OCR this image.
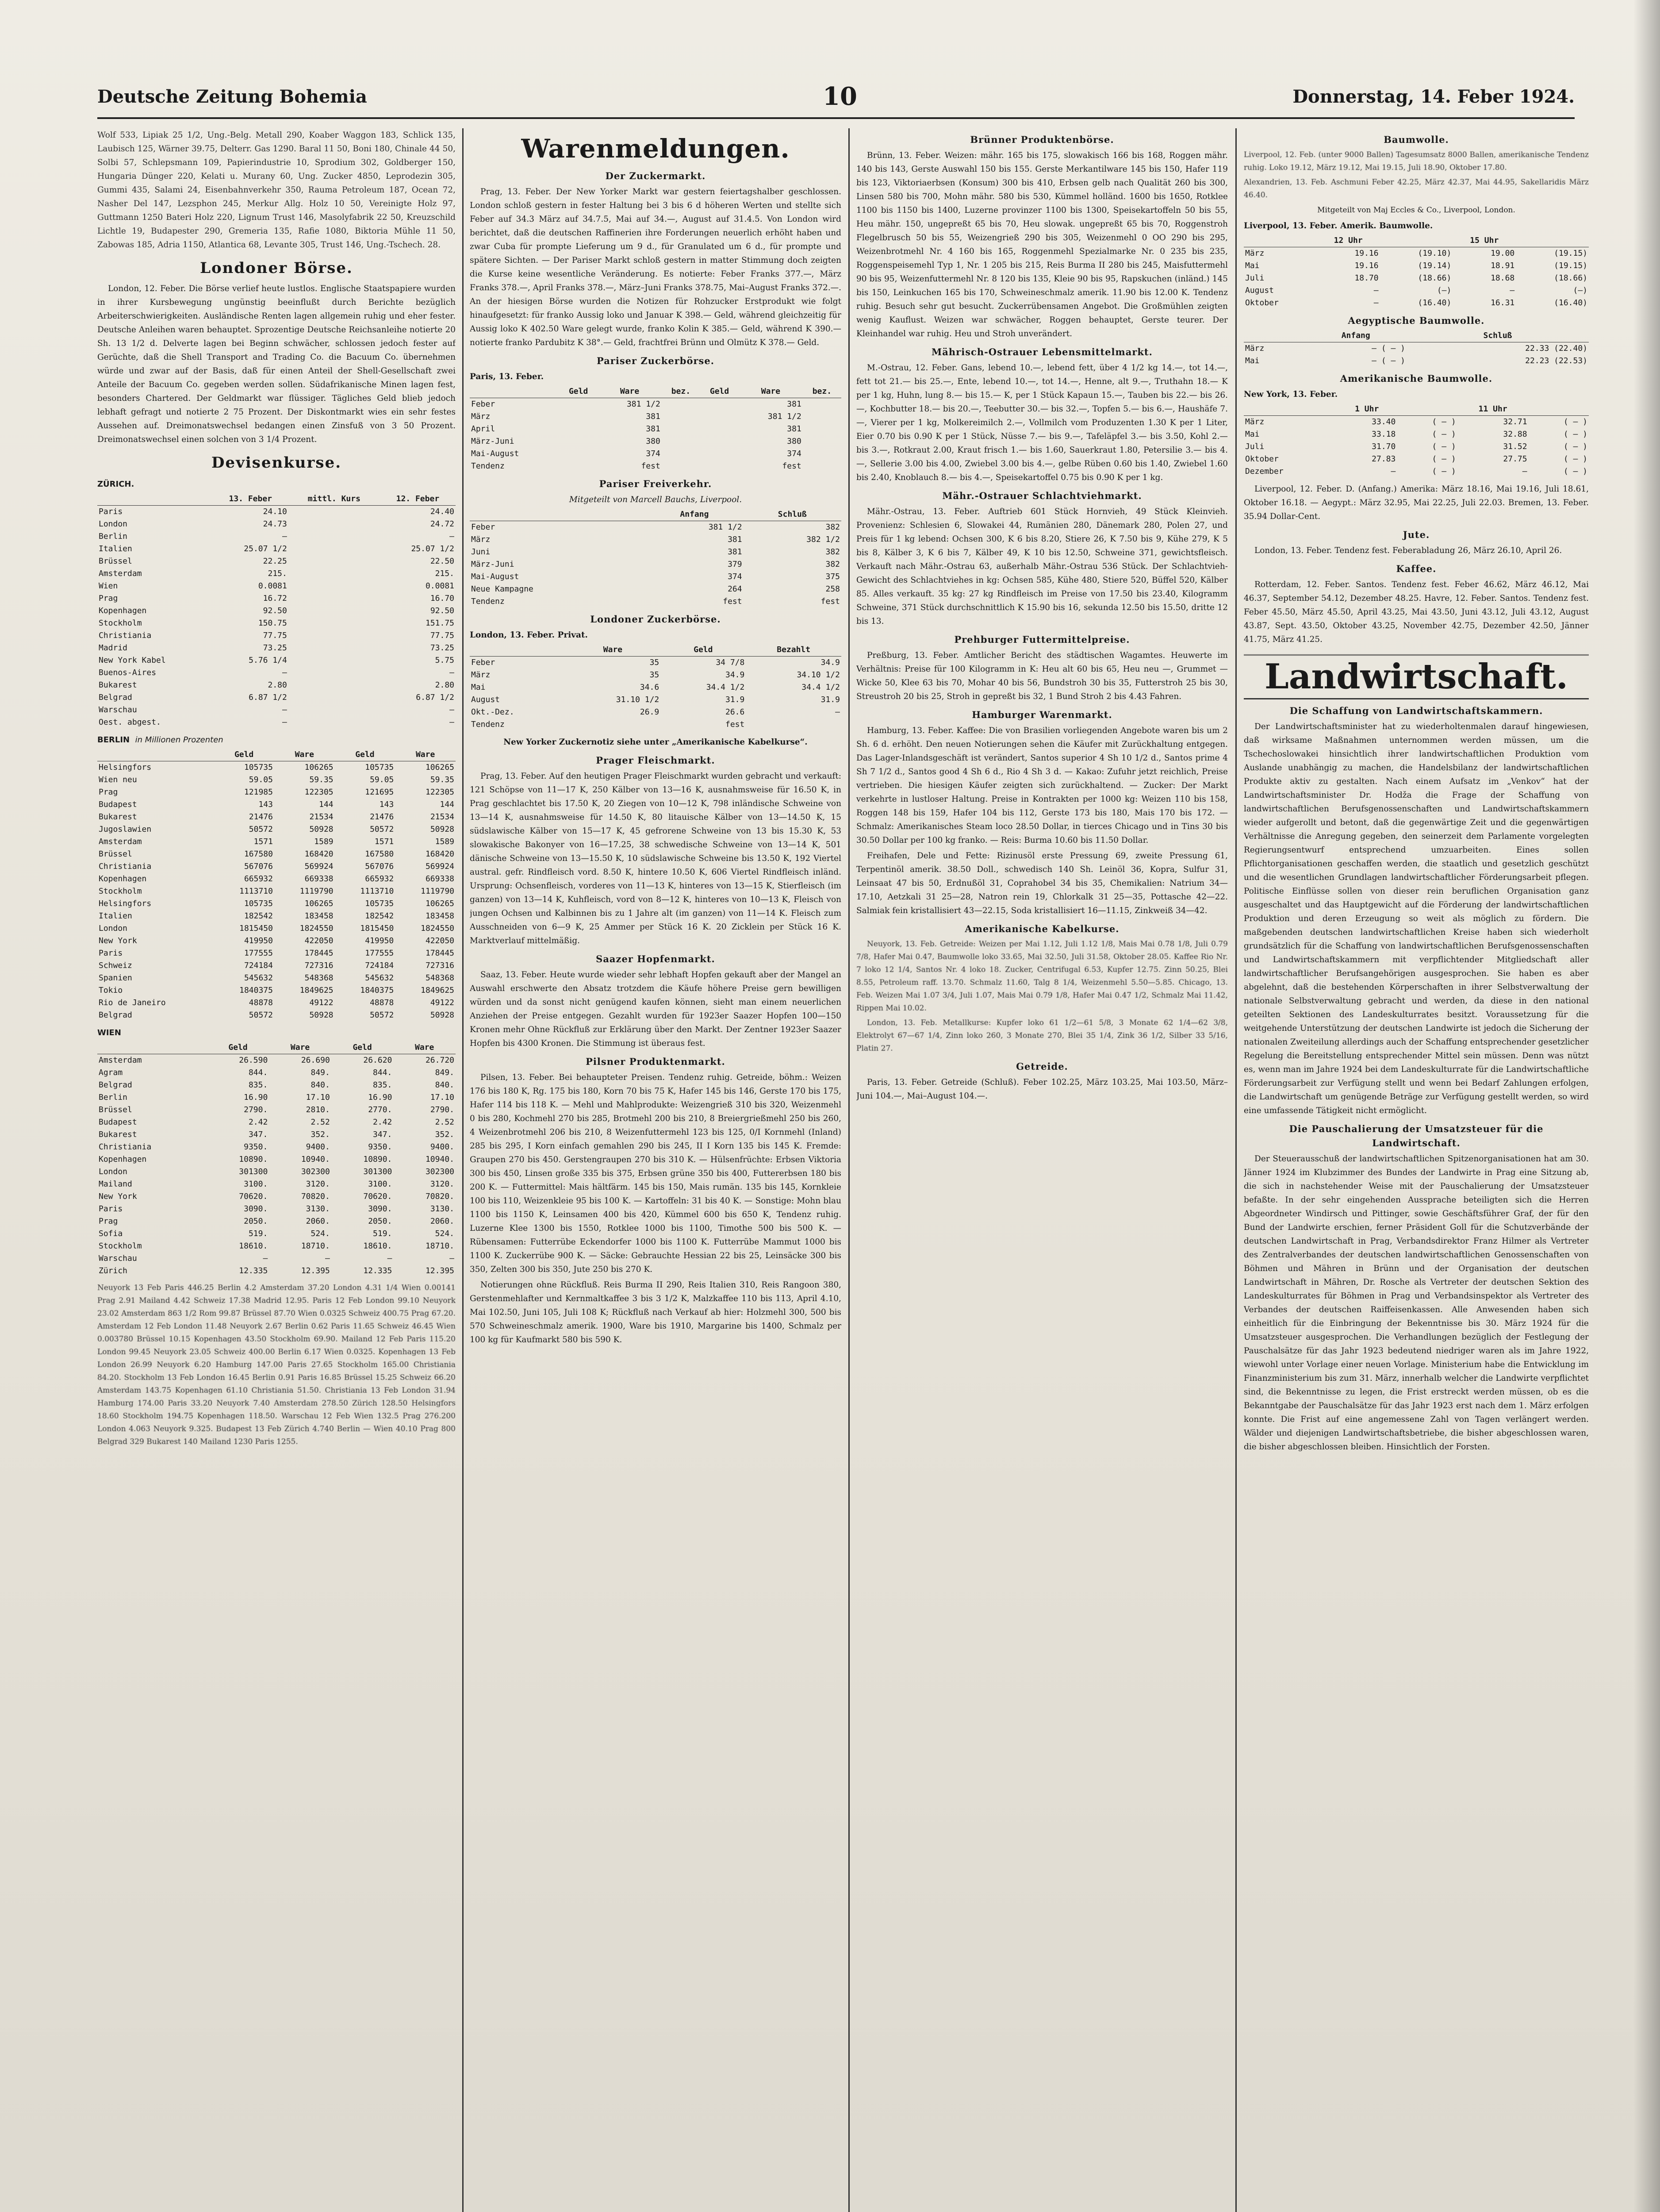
Deutsche Zeitung Bohemia	10	Donnerstag, 14. Feber 1924.

Wolf 533, Lipiak 25 1/2, Ung.-Belg. Metall 290, Koaber Waggon 183, Schlick 135, Laubisch 125, Wärner 39.75, Delterr. Gas 1290. Baral 11 50, Boni 180, Chinale 44 50, Solbi 57, Schlepsmann 109, Papierindustrie 10, Sprodium 302, Goldberger 150, Hungaria Dünger 220, Kelati u. Murany 60, Ung. Zucker 4850, Leprodezin 305, Gummi 435, Salami 24, Eisenbahnverkehr 350, Rauma Petroleum 187, Ocean 72, Nasher Del 147, Lezsphon 245, Merkur Allg. Holz 10 50, Vereinigte Holz 97, Guttmann 1250 Bateri Holz 220, Lignum Trust 146, Masolyfabrik 22 50, Kreuzschild Lichtle 19, Budapester 290, Gremeria 135, Rafie 1080, Biktoria Mühle 11 50, Zabowas 185, Adria 1150, Atlantica 68, Levante 305, Trust 146, Ung.-Tschech. 28.

Londoner Börse.

London, 12. Feber. Die Börse verlief heute lustlos. Englische Staatspapiere wurden in ihrer Kursbewegung ungünstig beeinflußt durch Berichte bezüglich Arbeiterschwierigkeiten. Ausländische Renten lagen allgemein ruhig und eher fester. Deutsche Anleihen waren behauptet. Sprozentige Deutsche Reichsanleihe notierte 20 Sh. 13 1/2 d. Delverte lagen bei Beginn schwächer, schlossen jedoch fester auf Gerüchte, daß die Shell Transport and Trading Co. die Bacuum Co. übernehmen würde und zwar auf der Basis, daß für einen Anteil der Shell-Gesellschaft zwei Anteile der Bacuum Co. gegeben werden sollen. Südafrikanische Minen lagen fest, besonders Chartered. Der Geldmarkt war flüssiger. Tägliches Geld blieb jedoch lebhaft gefragt und notierte 2 75 Prozent. Der Diskontmarkt wies ein sehr festes Aussehen auf. Dreimonatswechsel bedangen einen Zinsfuß von 3 50 Prozent. Dreimonatswechsel einen solchen von 3 1/4 Prozent.

Devisenkurse.
ZÜRICH.
	13. Feber	mittl. Kurs	12. Feber
Paris	24.10		24.40
London	24.73		24.72
Berlin	—		—
Italien	25.07 1/2		25.07 1/2
Brüssel	22.25		22.50
Amsterdam	215.		215.
Wien	0.0081		0.0081
Prag	16.72		16.70
Kopenhagen	92.50		92.50
Stockholm	150.75		151.75
Christiania	77.75		77.75
Madrid	73.25		73.25
New York Kabel	5.76 1/4		5.75
Buenos-Aires	—		—
Bukarest	2.80		2.80
Belgrad	6.87 1/2		6.87 1/2
Warschau	—		—
Oest. abgest.	—		—
BERLIN in Millionen Prozenten
	Geld	Ware	Geld	Ware
Helsingfors	105735	106265	105735	106265
Wien neu	59.05	59.35	59.05	59.35
Prag	121985	122305	121695	122305
Budapest	143	144	143	144
Bukarest	21476	21534	21476	21534
Jugoslawien	50572	50928	50572	50928
Amsterdam	1571	1589	1571	1589
Brüssel	167580	168420	167580	168420
Christiania	567076	569924	567076	569924
Kopenhagen	665932	669338	665932	669338
Stockholm	1113710	1119790	1113710	1119790
Helsingfors	105735	106265	105735	106265
Italien	182542	183458	182542	183458
London	1815450	1824550	1815450	1824550
New York	419950	422050	419950	422050
Paris	177555	178445	177555	178445
Schweiz	724184	727316	724184	727316
Spanien	545632	548368	545632	548368
Tokio	1840375	1849625	1840375	1849625
Rio de Janeiro	48878	49122	48878	49122
Belgrad	50572	50928	50572	50928
WIEN
	Geld	Ware	Geld	Ware
Amsterdam	26.590	26.690	26.620	26.720
Agram	844.	849.	844.	849.
Belgrad	835.	840.	835.	840.
Berlin	16.90	17.10	16.90	17.10
Brüssel	2790.	2810.	2770.	2790.
Budapest	2.42	2.52	2.42	2.52
Bukarest	347.	352.	347.	352.
Christiania	9350.	9400.	9350.	9400.
Kopenhagen	10890.	10940.	10890.	10940.
London	301300	302300	301300	302300
Mailand	3100.	3120.	3100.	3120.
New York	70620.	70820.	70620.	70820.
Paris	3090.	3130.	3090.	3130.
Prag	2050.	2060.	2050.	2060.
Sofia	519.	524.	519.	524.
Stockholm	18610.	18710.	18610.	18710.
Warschau	—	—	—	—
Zürich	12.335	12.395	12.335	12.395

Neuyork 13 Feb Paris 446.25 Berlin 4.2 Amsterdam 37.20 London 4.31 1/4 Wien 0.00141 Prag 2.91 Mailand 4.42 Schweiz 17.38 Madrid 12.95. Paris 12 Feb London 99.10 Neuyork 23.02 Amsterdam 863 1/2 Rom 99.87 Brüssel 87.70 Wien 0.0325 Schweiz 400.75 Prag 67.20. Amsterdam 12 Feb London 11.48 Neuyork 2.67 Berlin 0.62 Paris 11.65 Schweiz 46.45 Wien 0.003780 Brüssel 10.15 Kopenhagen 43.50 Stockholm 69.90. Mailand 12 Feb Paris 115.20 London 99.45 Neuyork 23.05 Schweiz 400.00 Berlin 6.17 Wien 0.0325. Kopenhagen 13 Feb London 26.99 Neuyork 6.20 Hamburg 147.00 Paris 27.65 Stockholm 165.00 Christiania 84.20. Stockholm 13 Feb London 16.45 Berlin 0.91 Paris 16.85 Brüssel 15.25 Schweiz 66.20 Amsterdam 143.75 Kopenhagen 61.10 Christiania 51.50. Christiania 13 Feb London 31.94 Hamburg 174.00 Paris 33.20 Neuyork 7.40 Amsterdam 278.50 Zürich 128.50 Helsingfors 18.60 Stockholm 194.75 Kopenhagen 118.50. Warschau 12 Feb Wien 132.5 Prag 276.200 London 4.063 Neuyork 9.325. Budapest 13 Feb Zürich 4.740 Berlin — Wien 40.10 Prag 800 Belgrad 329 Bukarest 140 Mailand 1230 Paris 1255.

Warenmeldungen.
Der Zuckermarkt.

Prag, 13. Feber. Der New Yorker Markt war gestern feiertagshalber geschlossen. London schloß gestern in fester Haltung bei 3 bis 6 d höheren Werten und stellte sich Feber auf 34.3 März auf 34.7.5, Mai auf 34.—, August auf 31.4.5. Von London wird berichtet, daß die deutschen Raffinerien ihre Forderungen neuerlich erhöht haben und zwar Cuba für prompte Lieferung um 9 d., für Granulated um 6 d., für prompte und spätere Sichten. — Der Pariser Markt schloß gestern in matter Stimmung doch zeigten die Kurse keine wesentliche Veränderung. Es notierte: Feber Franks 377.—, März Franks 378.—, April Franks 378.—, März–Juni Franks 378.75, Mai–August Franks 372.—. An der hiesigen Börse wurden die Notizen für Rohzucker Erstprodukt wie folgt hinaufgesetzt: für franko Aussig loko und Januar K 398.— Geld, während gleichzeitig für Aussig loko K 402.50 Ware gelegt wurde, franko Kolin K 385.— Geld, während K 390.— notierte franko Pardubitz K 38°.— Geld, frachtfrei Brünn und Olmütz K 378.— Geld.

Pariser Zuckerbörse.
Paris, 13. Feber.
	Geld	Ware	bez.	Geld	Ware	bez.
Feber		381 1/2			381	
März		381			381 1/2	
April		381			381	
März-Juni		380			380	
Mai-August		374			374	
Tendenz		fest			fest	
Pariser Freiverkehr.
Mitgeteilt von Marcell Bauchs, Liverpool.
	Anfang	Schluß
Feber	381 1/2	382
März	381	382 1/2
Juni	381	382
März-Juni	379	382
Mai-August	374	375
Neue Kampagne	264	258
Tendenz	fest	fest
Londoner Zuckerbörse.
London, 13. Feber. Privat.
	Ware	Geld	Bezahlt
Feber	35	34 7/8	34.9
März	35	34.9	34.10 1/2
Mai	34.6	34.4 1/2	34.4 1/2
August	31.10 1/2	31.9	31.9
Okt.-Dez.	26.9	26.6	—
Tendenz		fest	

New Yorker Zuckernotiz siehe unter „Amerikanische Kabelkurse“.

Prager Fleischmarkt.

Prag, 13. Feber. Auf den heutigen Prager Fleischmarkt wurden gebracht und verkauft: 121 Schöpse von 11—17 K, 250 Kälber von 13—16 K, ausnahmsweise für 16.50 K, in Prag geschlachtet bis 17.50 K, 20 Ziegen von 10—12 K, 798 inländische Schweine von 13—14 K, ausnahmsweise für 14.50 K, 80 litauische Kälber von 13—14.50 K, 15 südslawische Kälber von 15—17 K, 45 gefrorene Schweine von 13 bis 15.30 K, 53 slowakische Bakonyer von 16—17.25, 38 schwedische Schweine von 13—14 K, 501 dänische Schweine von 13—15.50 K, 10 südslawische Schweine bis 13.50 K, 192 Viertel austral. gefr. Rindfleisch vord. 8.50 K, hintere 10.50 K, 606 Viertel Rindfleisch inländ. Ursprung: Ochsenfleisch, vorderes von 11—13 K, hinteres von 13—15 K, Stierfleisch (im ganzen) von 13—14 K, Kuhfleisch, vord von 8—12 K, hinteres von 10—13 K, Fleisch von jungen Ochsen und Kalbinnen bis zu 1 Jahre alt (im ganzen) von 11—14 K. Fleisch zum Ausschneiden von 6—9 K, 25 Ammer per Stück 16 K. 20 Zicklein per Stück 16 K. Marktverlauf mittelmäßig.

Saazer Hopfenmarkt.

Saaz, 13. Feber. Heute wurde wieder sehr lebhaft Hopfen gekauft aber der Mangel an Auswahl erschwerte den Absatz trotzdem die Käufe höhere Preise gern bewilligen würden und da sonst nicht genügend kaufen können, sieht man einem neuerlichen Anziehen der Preise entgegen. Gezahlt wurden für 1923er Saazer Hopfen 100—150 Kronen mehr Ohne Rückfluß zur Erklärung über den Markt. Der Zentner 1923er Saazer Hopfen bis 4300 Kronen. Die Stimmung ist überaus fest.

Pilsner Produktenmarkt.

Pilsen, 13. Feber. Bei behaupteter Preisen. Tendenz ruhig. Getreide, böhm.: Weizen 176 bis 180 K, Rg. 175 bis 180, Korn 70 bis 75 K, Hafer 145 bis 146, Gerste 170 bis 175, Hafer 114 bis 118 K. — Mehl und Mahlprodukte: Weizengrieß 310 bis 320, Weizenmehl 0 bis 280, Kochmehl 270 bis 285, Brotmehl 200 bis 210, 8 Breiergrießmehl 250 bis 260, 4 Weizenbrotmehl 206 bis 210, 8 Weizenfuttermehl 123 bis 125, 0/I Kornmehl (Inland) 285 bis 295, I Korn einfach gemahlen 290 bis 245, II I Korn 135 bis 145 K. Fremde: Graupen 270 bis 450. Gerstengraupen 270 bis 310 K. — Hülsenfrüchte: Erbsen Viktoria 300 bis 450, Linsen große 335 bis 375, Erbsen grüne 350 bis 400, Futtererbsen 180 bis 200 K. — Futtermittel: Mais hältfärm. 145 bis 150, Mais rumän. 135 bis 145, Kornkleie 100 bis 110, Weizenkleie 95 bis 100 K. — Kartoffeln: 31 bis 40 K. — Sonstige: Mohn blau 1100 bis 1150 K, Leinsamen 400 bis 420, Kümmel 600 bis 650 K, Tendenz ruhig. Luzerne Klee 1300 bis 1550, Rotklee 1000 bis 1100, Timothe 500 bis 500 K. — Rübensamen: Futterrübe Eckendorfer 1000 bis 1100 K. Futterrübe Mammut 1000 bis 1100 K. Zuckerrübe 900 K. — Säcke: Gebrauchte Hessian 22 bis 25, Leinsäcke 300 bis 350, Zelten 300 bis 350, Jute 250 bis 270 K.

Notierungen ohne Rückfluß. Reis Burma II 290, Reis Italien 310, Reis Rangoon 380, Gerstenmehlafter und Kernmaltkaffee 3 bis 3 1/2 K, Malzkaffee 110 bis 113, April 4.10, Mai 102.50, Juni 105, Juli 108 K; Rückfluß nach Verkauf ab hier: Holzmehl 300, 500 bis 570 Schweineschmalz amerik. 1900, Ware bis 1910, Margarine bis 1400, Schmalz per 100 kg für Kaufmarkt 580 bis 590 K.

Brünner Produktenbörse.

Brünn, 13. Feber. Weizen: mähr. 165 bis 175, slowakisch 166 bis 168, Roggen mähr. 140 bis 143, Gerste Auswahl 150 bis 155. Gerste Merkantilware 145 bis 150, Hafer 119 bis 123, Viktoriaerbsen (Konsum) 300 bis 410, Erbsen gelb nach Qualität 260 bis 300, Linsen 580 bis 700, Mohn mähr. 580 bis 530, Kümmel holländ. 1600 bis 1650, Rotklee 1100 bis 1150 bis 1400, Luzerne provinzer 1100 bis 1300, Speisekartoffeln 50 bis 55, Heu mähr. 150, ungepreßt 65 bis 70, Heu slowak. ungepreßt 65 bis 70, Roggenstroh Flegelbrusch 50 bis 55, Weizengrieß 290 bis 305, Weizenmehl 0 OO 290 bis 295, Weizenbrotmehl Nr. 4 160 bis 165, Roggenmehl Spezialmarke Nr. 0 235 bis 235, Roggenspeisemehl Typ 1, Nr. 1 205 bis 215, Reis Burma II 280 bis 245, Maisfuttermehl 90 bis 95, Weizenfuttermehl Nr. 8 120 bis 135, Kleie 90 bis 95, Rapskuchen (inländ.) 145 bis 150, Leinkuchen 165 bis 170, Schweineschmalz amerik. 11.90 bis 12.00 K. Tendenz ruhig. Besuch sehr gut besucht. Zuckerrübensamen Angebot. Die Großmühlen zeigten wenig Kauflust. Weizen war schwächer, Roggen behauptet, Gerste teurer. Der Kleinhandel war ruhig. Heu und Stroh unverändert.

Mährisch-Ostrauer Lebensmittelmarkt.

M.-Ostrau, 12. Feber. Gans, lebend 10.—, lebend fett, über 4 1/2 kg 14.—, tot 14.—, fett tot 21.— bis 25.—, Ente, lebend 10.—, tot 14.—, Henne, alt 9.—, Truthahn 18.— K per 1 kg, Huhn, lung 8.— bis 15.— K, per 1 Stück Kapaun 15.—, Tauben bis 22.— bis 26.—, Kochbutter 18.— bis 20.—, Teebutter 30.— bis 32.—, Topfen 5.— bis 6.—, Haushäfe 7.—, Vierer per 1 kg, Molkereimilch 2.—, Vollmilch vom Produzenten 1.30 K per 1 Liter, Eier 0.70 bis 0.90 K per 1 Stück, Nüsse 7.— bis 9.—, Tafeläpfel 3.— bis 3.50, Kohl 2.— bis 3.—, Rotkraut 2.00, Kraut frisch 1.— bis 1.60, Sauerkraut 1.80, Petersilie 3.— bis 4.—, Sellerie 3.00 bis 4.00, Zwiebel 3.00 bis 4.—, gelbe Rüben 0.60 bis 1.40, Zwiebel 1.60 bis 2.40, Knoblauch 8.— bis 4.—, Speisekartoffel 0.75 bis 0.90 K per 1 kg.

Mähr.-Ostrauer Schlachtviehmarkt.

Mähr.-Ostrau, 13. Feber. Auftrieb 601 Stück Hornvieh, 49 Stück Kleinvieh. Provenienz: Schlesien 6, Slowakei 44, Rumänien 280, Dänemark 280, Polen 27, und Preis für 1 kg lebend: Ochsen 300, K 6 bis 8.20, Stiere 26, K 7.50 bis 9, Kühe 279, K 5 bis 8, Kälber 3, K 6 bis 7, Kälber 49, K 10 bis 12.50, Schweine 371, gewichtsfleisch. Verkauft nach Mähr.-Ostrau 63, außerhalb Mähr.-Ostrau 536 Stück. Der Schlachtvieh-Gewicht des Schlachtviehes in kg: Ochsen 585, Kühe 480, Stiere 520, Büffel 520, Kälber 85. Alles verkauft. 35 kg: 27 kg Rindfleisch im Preise von 17.50 bis 23.40, Kilogramm Schweine, 371 Stück durchschnittlich K 15.90 bis 16, sekunda 12.50 bis 15.50, dritte 12 bis 13.

Prehburger Futtermittelpreise.

Preßburg, 13. Feber. Amtlicher Bericht des städtischen Wagamtes. Heuwerte im Verhältnis: Preise für 100 Kilogramm in K: Heu alt 60 bis 65, Heu neu —, Grummet — Wicke 50, Klee 63 bis 70, Mohar 40 bis 56, Bundstroh 30 bis 35, Futterstroh 25 bis 30, Streustroh 20 bis 25, Stroh in gepreßt bis 32, 1 Bund Stroh 2 bis 4.43 Fahren.

Hamburger Warenmarkt.

Hamburg, 13. Feber. Kaffee: Die von Brasilien vorliegenden Angebote waren bis um 2 Sh. 6 d. erhöht. Den neuen Notierungen sehen die Käufer mit Zurückhaltung entgegen. Das Lager-Inlandsgeschäft ist verändert, Santos superior 4 Sh 10 1/2 d., Santos prime 4 Sh 7 1/2 d., Santos good 4 Sh 6 d., Rio 4 Sh 3 d. — Kakao: Zufuhr jetzt reichlich, Preise vertrieben. Die hiesigen Käufer zeigten sich zurückhaltend. — Zucker: Der Markt verkehrte in lustloser Haltung. Preise in Kontrakten per 1000 kg: Weizen 110 bis 158, Roggen 148 bis 159, Hafer 104 bis 112, Gerste 173 bis 180, Mais 170 bis 172. — Schmalz: Amerikanisches Steam loco 28.50 Dollar, in tierces Chicago und in Tins 30 bis 30.50 Dollar per 100 kg franko. — Reis: Burma 10.60 bis 11.50 Dollar.

Freihafen, Dele und Fette: Rizinusöl erste Pressung 69, zweite Pressung 61, Terpentinöl amerik. 38.50 Doll., schwedisch 140 Sh. Leinöl 36, Kopra, Sulfur 31, Leinsaat 47 bis 50, Erdnußöl 31, Coprahobel 34 bis 35, Chemikalien: Natrium 34—17.10, Aetzkali 31 25—28, Natron rein 19, Chlorkalk 31 25—35, Pottasche 42—22. Salmiak fein kristallisiert 43—22.15, Soda kristallisiert 16—11.15, Zinkweiß 34—42.

Amerikanische Kabelkurse.

Neuyork, 13. Feb. Getreide: Weizen per Mai 1.12, Juli 1.12 1/8, Mais Mai 0.78 1/8, Juli 0.79 7/8, Hafer Mai 0.47, Baumwolle loko 33.65, Mai 32.50, Juli 31.58, Oktober 28.05. Kaffee Rio Nr. 7 loko 12 1/4, Santos Nr. 4 loko 18. Zucker, Centrifugal 6.53, Kupfer 12.75. Zinn 50.25, Blei 8.55, Petroleum raff. 13.70. Schmalz 11.60, Talg 8 1/4, Weizenmehl 5.50—5.85. Chicago, 13. Feb. Weizen Mai 1.07 3/4, Juli 1.07, Mais Mai 0.79 1/8, Hafer Mai 0.47 1/2, Schmalz Mai 11.42, Rippen Mai 10.02.

London, 13. Feb. Metallkurse: Kupfer loko 61 1/2—61 5/8, 3 Monate 62 1/4—62 3/8, Elektrolyt 67—67 1/4, Zinn loko 260, 3 Monate 270, Blei 35 1/4, Zink 36 1/2, Silber 33 5/16, Platin 27.

Getreide.

Paris, 13. Feber. Getreide (Schluß). Feber 102.25, März 103.25, Mai 103.50, März–Juni 104.—, Mai–August 104.—.

Baumwolle.

Liverpool, 12. Feb. (unter 9000 Ballen) Tagesumsatz 8000 Ballen, amerikanische Tendenz ruhig. Loko 19.12, März 19.12, Mai 19.15, Juli 18.90, Oktober 17.80.

Alexandrien, 13. Feb. Aschmuni Feber 42.25, März 42.37, Mai 44.95, Sakellaridis März 46.40.

Mitgeteilt von Maj Eccles & Co., Liverpool, London.
Liverpool, 13. Feber. Amerik. Baumwolle.
	12 Uhr		15 Uhr	
März	19.16	(19.10)	19.00	(19.15)
Mai	19.16	(19.14)	18.91	(19.15)
Juli	18.70	(18.66)	18.68	(18.66)
August	—	(—)	—	(—)
Oktober	—	(16.40)	16.31	(16.40)
Aegyptische Baumwolle.
	Anfang	Schluß
März	— ( — )	22.33 (22.40)
Mai	— ( — )	22.23 (22.53)
Amerikanische Baumwolle.
New York, 13. Feber.
	1 Uhr		11 Uhr	
März	33.40	( — )	32.71	( — )
Mai	33.18	( — )	32.88	( — )
Juli	31.70	( — )	31.52	( — )
Oktober	27.83	( — )	27.75	( — )
Dezember	—	( — )	—	( — )

Liverpool, 12. Feber. D. (Anfang.) Amerika: März 18.16, Mai 19.16, Juli 18.61, Oktober 16.18. — Aegypt.: März 32.95, Mai 22.25, Juli 22.03. Bremen, 13. Feber. 35.94 Dollar-Cent.

Jute.

London, 13. Feber. Tendenz fest. Feberabladung 26, März 26.10, April 26.

Kaffee.

Rotterdam, 12. Feber. Santos. Tendenz fest. Feber 46.62, März 46.12, Mai 46.37, September 54.12, Dezember 48.25. Havre, 12. Feber. Santos. Tendenz fest. Feber 45.50, März 45.50, April 43.25, Mai 43.50, Juni 43.12, Juli 43.12, August 43.87, Sept. 43.50, Oktober 43.25, November 42.75, Dezember 42.50, Jänner 41.75, März 41.25.

Landwirtschaft.
Die Schaffung von Landwirtschaftskammern.

Der Landwirtschaftsminister hat zu wiederholtenmalen darauf hingewiesen, daß wirksame Maßnahmen unternommen werden müssen, um die Tschechoslowakei hinsichtlich ihrer landwirtschaftlichen Produktion vom Auslande unabhängig zu machen, die Handelsbilanz der landwirtschaftlichen Produkte aktiv zu gestalten. Nach einem Aufsatz im „Venkov“ hat der Landwirtschaftsminister Dr. Hodža die Frage der Schaffung von landwirtschaftlichen Berufsgenossenschaften und Landwirtschaftskammern wieder aufgerollt und betont, daß die gegenwärtige Zeit und die gegenwärtigen Verhältnisse die Anregung gegeben, den seinerzeit dem Parlamente vorgelegten Regierungsentwurf entsprechend umzuarbeiten. Eines sollen Pflichtorganisationen geschaffen werden, die staatlich und gesetzlich geschützt und die wesentlichen Grundlagen landwirtschaftlicher Förderungsarbeit pflegen. Politische Einflüsse sollen von dieser rein beruflichen Organisation ganz ausgeschaltet und das Hauptgewicht auf die Förderung der landwirtschaftlichen Produktion und deren Erzeugung so weit als möglich zu fördern. Die maßgebenden deutschen landwirtschaftlichen Kreise haben sich wiederholt grundsätzlich für die Schaffung von landwirtschaftlichen Berufsgenossenschaften und Landwirtschaftskammern mit verpflichtender Mitgliedschaft aller landwirtschaftlicher Berufsangehörigen ausgesprochen. Sie haben es aber abgelehnt, daß die bestehenden Körperschaften in ihrer Selbstverwaltung der nationale Selbstverwaltung gebracht und werden, da diese in den national geteilten Sektionen des Landeskulturrates besitzt. Voraussetzung für die weitgehende Unterstützung der deutschen Landwirte ist jedoch die Sicherung der nationalen Zweiteilung allerdings auch der Schaffung entsprechender gesetzlicher Regelung die Bereitstellung entsprechender Mittel sein müssen. Denn was nützt es, wenn man im Jahre 1924 bei dem Landeskulturrate für die Landwirtschaftliche Förderungsarbeit zur Verfügung stellt und wenn bei Bedarf Zahlungen erfolgen, die Landwirtschaft um genügende Beträge zur Verfügung gestellt werden, so wird eine umfassende Tätigkeit nicht ermöglicht.

Die Pauschalierung der Umsatzsteuer für die Landwirtschaft.

Der Steuerausschuß der landwirtschaftlichen Spitzenorganisationen hat am 30. Jänner 1924 im Klubzimmer des Bundes der Landwirte in Prag eine Sitzung ab, die sich in nachstehender Weise mit der Pauschalierung der Umsatzsteuer befaßte. In der sehr eingehenden Aussprache beteiligten sich die Herren Abgeordneter Windirsch und Pittinger, sowie Geschäftsführer Graf, der für den Bund der Landwirte erschien, ferner Präsident Goll für die Schutzverbände der deutschen Landwirtschaft in Prag, Verbandsdirektor Franz Hilmer als Vertreter des Zentralverbandes der deutschen landwirtschaftlichen Genossenschaften von Böhmen und Mähren in Brünn und der Organisation der deutschen Landwirtschaft in Mähren, Dr. Rosche als Vertreter der deutschen Sektion des Landeskulturrates für Böhmen in Prag und Verbandsinspektor als Vertreter des Verbandes der deutschen Raiffeisenkassen. Alle Anwesenden haben sich einheitlich für die Einbringung der Bekenntnisse bis 30. März 1924 für die Umsatzsteuer ausgesprochen. Die Verhandlungen bezüglich der Festlegung der Pauschalsätze für das Jahr 1923 bedeutend niedriger waren als im Jahre 1922, wiewohl unter Vorlage einer neuen Vorlage. Ministerium habe die Entwicklung im Finanzministerium bis zum 31. März, innerhalb welcher die Landwirte verpflichtet sind, die Bekenntnisse zu legen, die Frist erstreckt werden müssen, ob es die Bekanntgabe der Pauschalsätze für das Jahr 1923 erst nach dem 1. März erfolgen konnte. Die Frist auf eine angemessene Zahl von Tagen verlängert werden. Wälder und diejenigen Landwirtschaftsbetriebe, die bisher abgeschlossen waren, die bisher abgeschlossen bleiben. Hinsichtlich der Forsten.
